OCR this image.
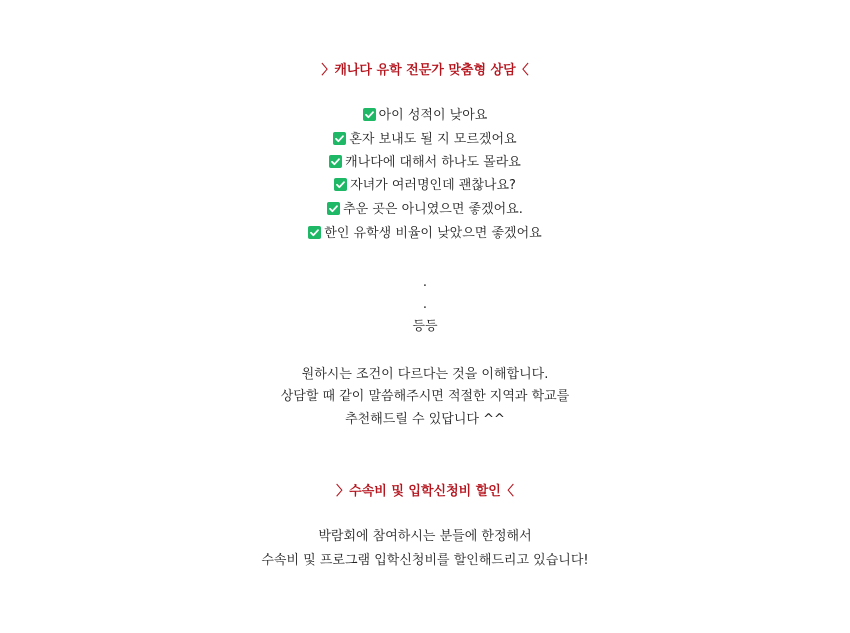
〉캐나다 유학 전문가 맞춤형 상담〈
아이 성적이 낮아요
혼자 보내도 될 지 모르겠어요
캐나다에 대해서 하나도 몰라요
자녀가 여러명인데 괜찮나요?
추운 곳은 아니였으면 좋겠어요.
한인 유학생 비율이 낮았으면 좋겠어요
.
.
등등
원하시는 조건이 다르다는 것을 이해합니다.
상담할 때 같이 말씀해주시면 적절한 지역과 학교를
추천해드릴 수 있답니다 ^^
〉수속비 및 입학신청비 할인〈
박람회에 참여하시는 분들에 한정해서
수속비 및 프로그램 입학신청비를 할인해드리고 있습니다!
